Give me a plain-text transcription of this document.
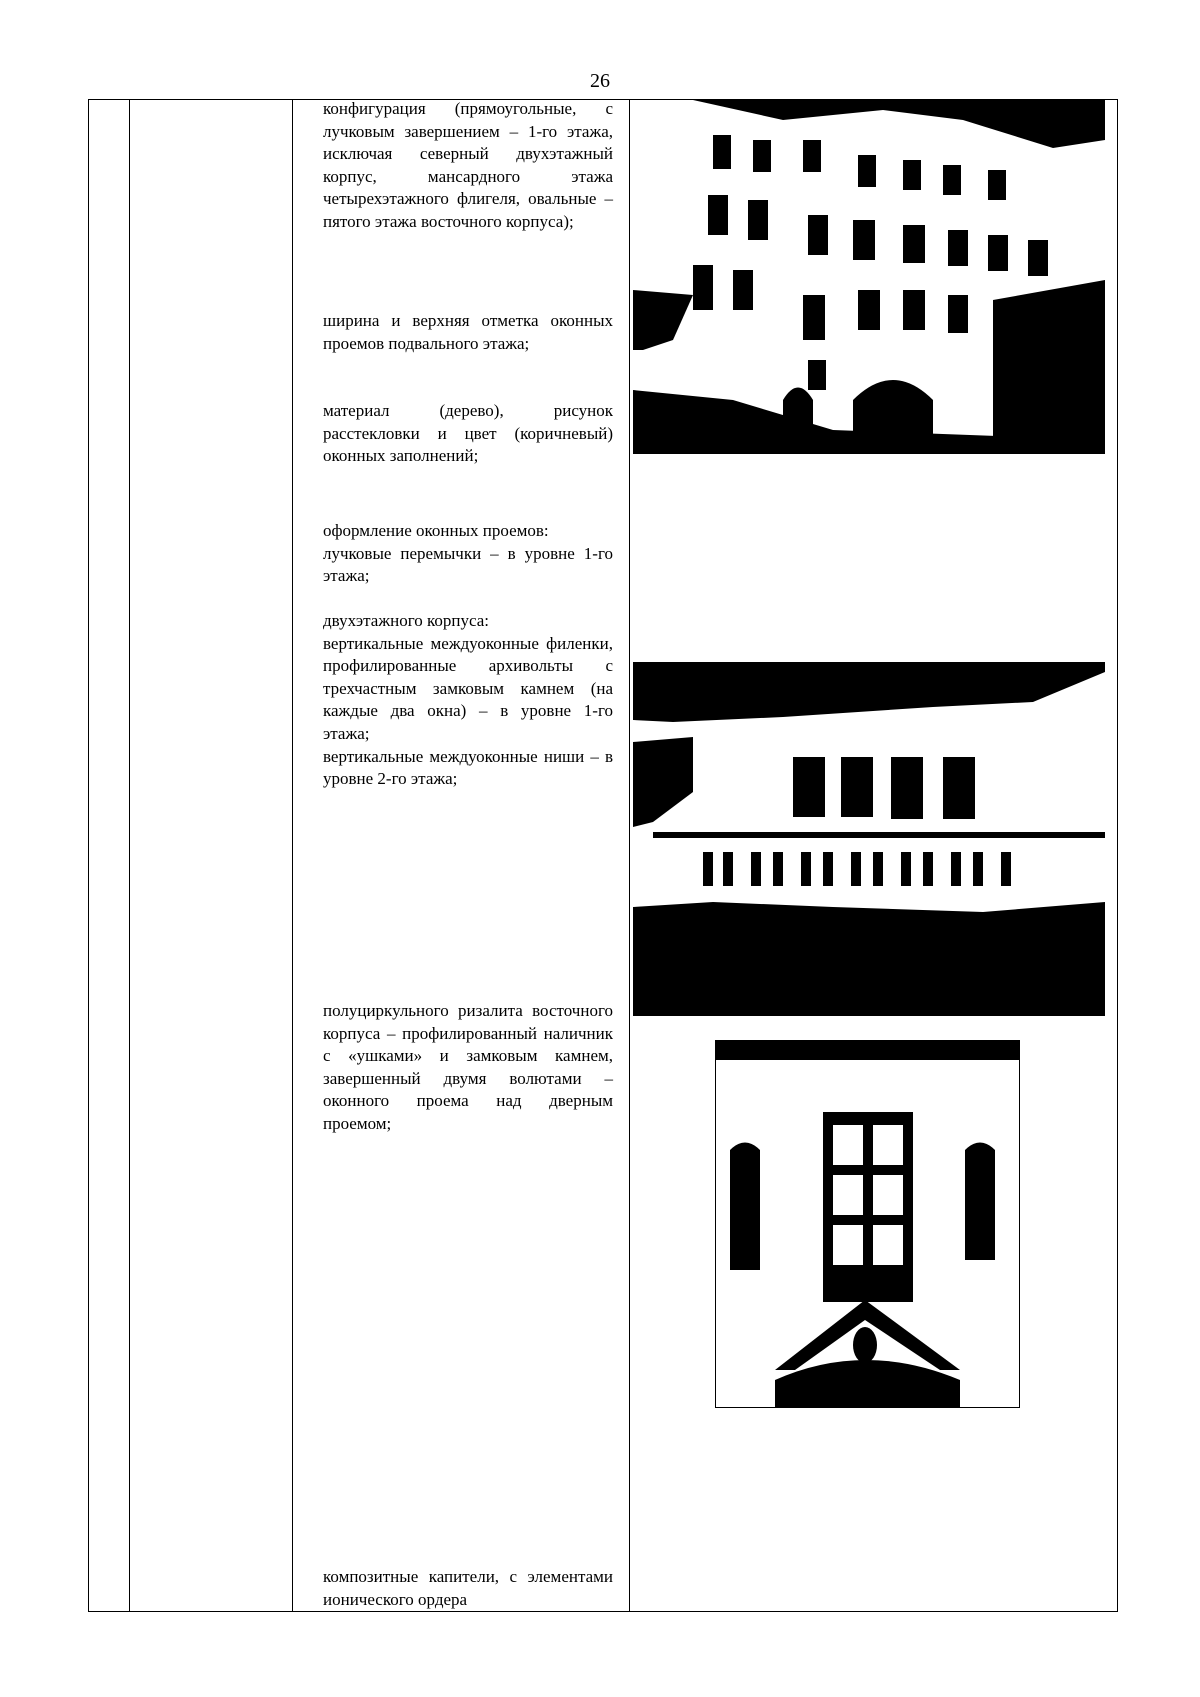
26

конфигурация (прямоугольные, с лучковым завершением – 1-го этажа, исключая северный двухэтажный корпус, мансардного этажа четырехэтажного флигеля, овальные – пятого этажа восточного корпуса);

ширина и верхняя отметка оконных проемов подвального этажа;

материал (дерево), рисунок расстекловки и цвет (коричневый) оконных заполнений;

оформление оконных проемов:

лучковые перемычки – в уровне 1-го этажа;

двухэтажного корпуса:

вертикальные междуоконные филенки, профилированные архивольты с трехчастным замковым камнем (на каждые два окна) – в уровне 1-го этажа;

вертикальные междуоконные ниши – в уровне 2-го этажа;

полуциркульного ризалита восточного корпуса – профилированный наличник с «ушками» и замковым камнем, завершенный двумя волютами – оконного проема над дверным проемом;

композитные капители, с элементами ионического ордера
